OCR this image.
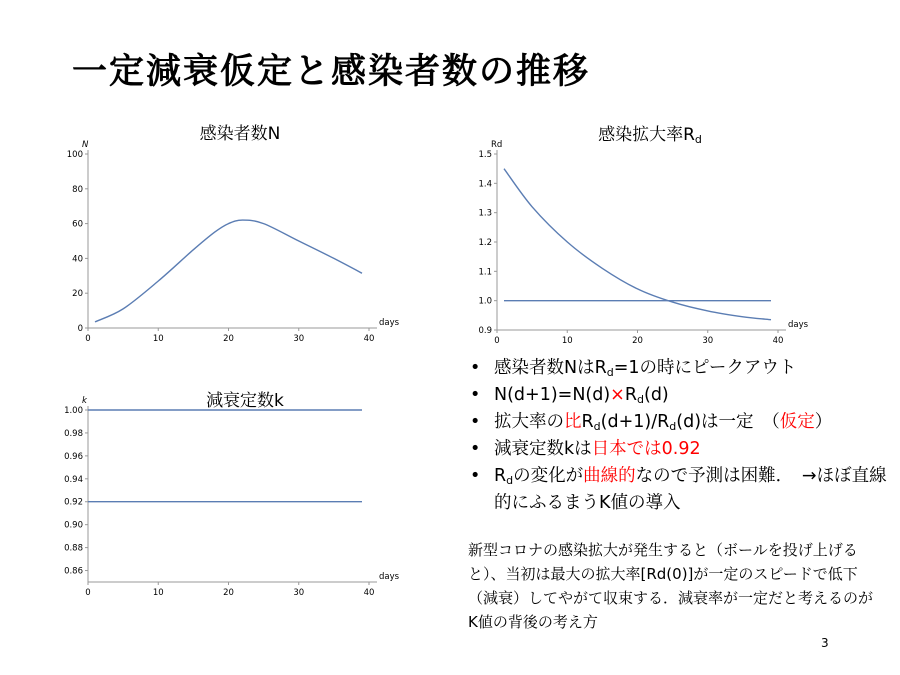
一定減衰仮定と感染者数の推移
感染者数N	感染拡大率$R_d$
減衰定数k
0	10	20	30	40
0
20
40
60
80
100
days
N
0	10	20	30	40
0.9
1.0
1.1
1.2
1.3
1.4
1.5
days
Rd
0	10	20	30	40
0.86
0.88
0.90
0.92
0.94
0.96
0.98
1.00
days
k
• 感染者数Nは$R_d=1$の時にピークアウト
• $N(d+1)=N(d)\times R_d(d)$
• 拡大率の比$R_d(d+1)/R_d(d)$は一定　（仮定）
• 減衰定数kは日本では0.92
• $R_d$の変化が曲線的なので予測は困難．　→ほぼ直線的にふるまうK値の導入
新型コロナの感染拡大が発生すると（ボールを投げ上げると）、当初は最大の拡大率[Rd(0)]が一定のスピードで低下（減衰）してやがて収束する．減衰率が一定だと考えるのがK値の背後の考え方
3
